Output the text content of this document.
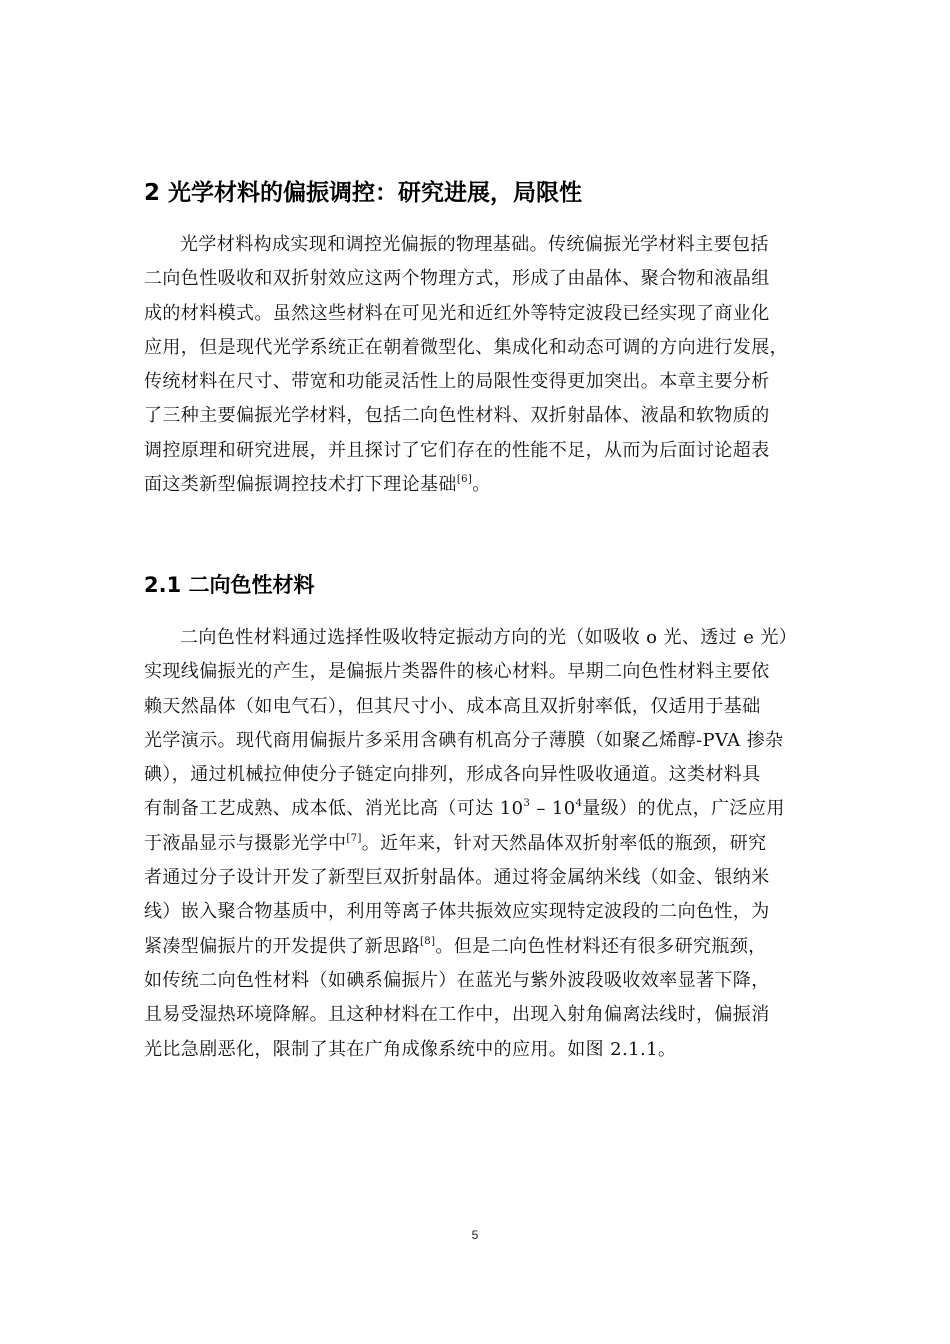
2 光学材料的偏振调控：研究进展，局限性

光学材料构成实现和调控光偏振的物理基础。传统偏振光学材料主要包括
二向色性吸收和双折射效应这两个物理方式，形成了由晶体、聚合物和液晶组
成的材料模式。虽然这些材料在可见光和近红外等特定波段已经实现了商业化
应用，但是现代光学系统正在朝着微型化、集成化和动态可调的方向进行发展，
传统材料在尺寸、带宽和功能灵活性上的局限性变得更加突出。本章主要分析
了三种主要偏振光学材料，包括二向色性材料、双折射晶体、液晶和软物质的
调控原理和研究进展，并且探讨了它们存在的性能不足，从而为后面讨论超表
面这类新型偏振调控技术打下理论基础[6]。

2.1 二向色性材料

二向色性材料通过选择性吸收特定振动方向的光（如吸收 o 光、透过 e 光）
实现线偏振光的产生，是偏振片类器件的核心材料。早期二向色性材料主要依
赖天然晶体（如电气石），但其尺寸小、成本高且双折射率低，仅适用于基础
光学演示。现代商用偏振片多采用含碘有机高分子薄膜（如聚乙烯醇-PVA 掺杂
碘），通过机械拉伸使分子链定向排列，形成各向异性吸收通道。这类材料具
有制备工艺成熟、成本低、消光比高（可达 $10^3 - 10^4$量级）的优点，广泛应用
于液晶显示与摄影光学中[7]。近年来，针对天然晶体双折射率低的瓶颈，研究
者通过分子设计开发了新型巨双折射晶体。通过将金属纳米线（如金、银纳米
线）嵌入聚合物基质中，利用等离子体共振效应实现特定波段的二向色性，为
紧凑型偏振片的开发提供了新思路[8]。但是二向色性材料还有很多研究瓶颈，
如传统二向色性材料（如碘系偏振片）在蓝光与紫外波段吸收效率显著下降，
且易受湿热环境降解。且这种材料在工作中，出现入射角偏离法线时，偏振消
光比急剧恶化，限制了其在广角成像系统中的应用。如图 2.1.1。

5
